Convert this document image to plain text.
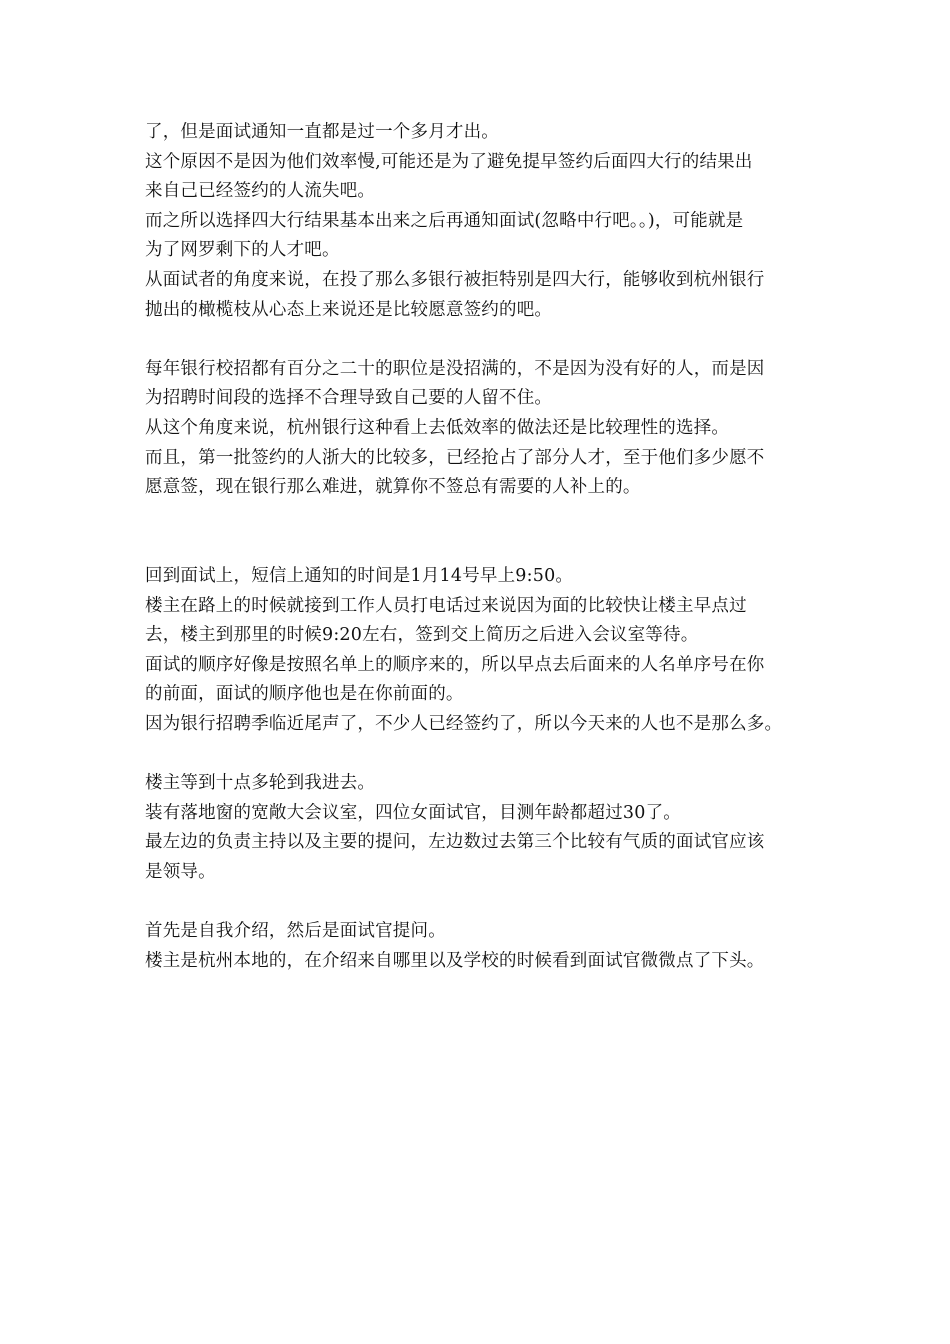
了，但是面试通知一直都是过一个多月才出。
这个原因不是因为他们效率慢,可能还是为了避免提早签约后面四大行的结果出
来自己已经签约的人流失吧。
而之所以选择四大行结果基本出来之后再通知面试(忽略中行吧。。)，可能就是
为了网罗剩下的人才吧。
从面试者的角度来说，在投了那么多银行被拒特别是四大行，能够收到杭州银行
抛出的橄榄枝从心态上来说还是比较愿意签约的吧。
每年银行校招都有百分之二十的职位是没招满的，不是因为没有好的人，而是因
为招聘时间段的选择不合理导致自己要的人留不住。
从这个角度来说，杭州银行这种看上去低效率的做法还是比较理性的选择。
而且，第一批签约的人浙大的比较多，已经抢占了部分人才，至于他们多少愿不
愿意签，现在银行那么难进，就算你不签总有需要的人补上的。
回到面试上，短信上通知的时间是1月14号早上9:50。
楼主在路上的时候就接到工作人员打电话过来说因为面的比较快让楼主早点过
去，楼主到那里的时候9:20左右，签到交上简历之后进入会议室等待。
面试的顺序好像是按照名单上的顺序来的，所以早点去后面来的人名单序号在你
的前面，面试的顺序他也是在你前面的。
因为银行招聘季临近尾声了，不少人已经签约了，所以今天来的人也不是那么多。
楼主等到十点多轮到我进去。
装有落地窗的宽敞大会议室，四位女面试官，目测年龄都超过30了。
最左边的负责主持以及主要的提问，左边数过去第三个比较有气质的面试官应该
是领导。
首先是自我介绍，然后是面试官提问。
楼主是杭州本地的，在介绍来自哪里以及学校的时候看到面试官微微点了下头。
